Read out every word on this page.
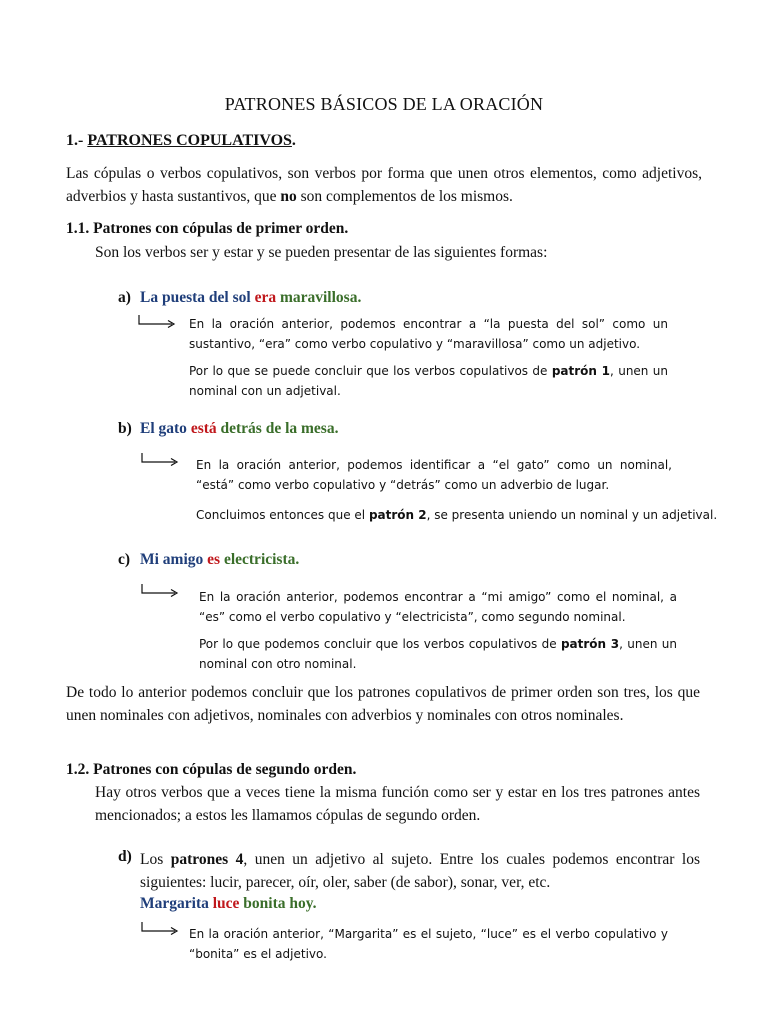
PATRONES BÁSICOS DE LA ORACIÓN
1.- PATRONES COPULATIVOS.
Las cópulas o verbos copulativos, son verbos por forma que unen otros elementos, como adjetivos, adverbios y hasta sustantivos, que no son complementos de los mismos.
1.1. Patrones con cópulas de primer orden.
Son los verbos ser y estar y se pueden presentar de las siguientes formas:
a) La puesta del sol era maravillosa.
En la oración anterior, podemos encontrar a “la puesta del sol” como un sustantivo, “era” como verbo copulativo y “maravillosa” como un adjetivo.
Por lo que se puede concluir que los verbos copulativos de patrón 1, unen un nominal con un adjetival.
b) El gato está detrás de la mesa.
En la oración anterior, podemos identificar a “el gato” como un nominal, “está” como verbo copulativo y “detrás” como un adverbio de lugar.
Concluimos entonces que el patrón 2, se presenta uniendo un nominal y un adjetival.
c) Mi amigo es electricista.
En la oración anterior, podemos encontrar a “mi amigo” como el nominal, a “es” como el verbo copulativo y “electricista”, como segundo nominal.
Por lo que podemos concluir que los verbos copulativos de patrón 3, unen un nominal con otro nominal.
De todo lo anterior podemos concluir que los patrones copulativos de primer orden son tres, los que unen nominales con adjetivos, nominales con adverbios y nominales con otros nominales.
1.2. Patrones con cópulas de segundo orden.
Hay otros verbos que a veces tiene la misma función como ser y estar en los tres patrones antes mencionados; a estos les llamamos cópulas de segundo orden.
d) Los patrones 4, unen un adjetivo al sujeto. Entre los cuales podemos encontrar los siguientes: lucir, parecer, oír, oler, saber (de sabor), sonar, ver, etc.
Margarita luce bonita hoy.
En la oración anterior, “Margarita” es el sujeto, “luce” es el verbo copulativo y “bonita” es el adjetivo.
